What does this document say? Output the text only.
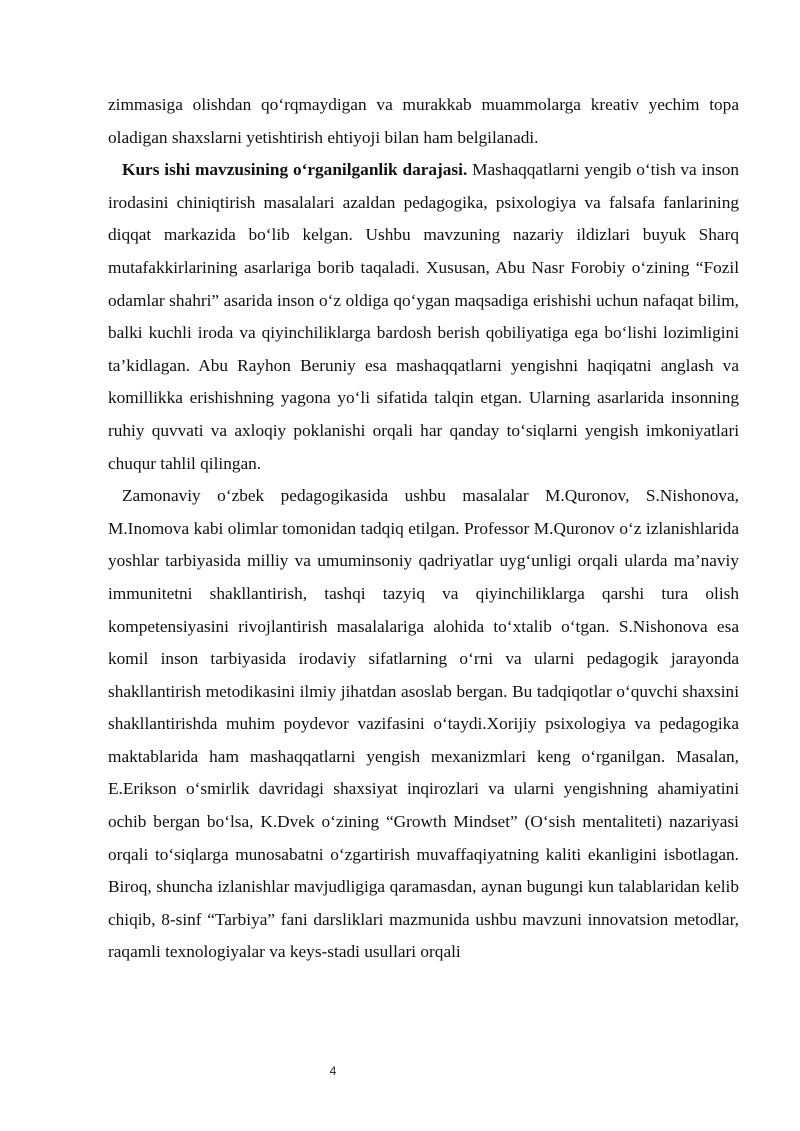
zimmasiga olishdan qo‘rqmaydigan va murakkab muammolarga kreativ yechim topa oladigan shaxslarni yetishtirish ehtiyoji bilan ham belgilanadi.

Kurs ishi mavzusining o‘rganilganlik darajasi. Mashaqqatlarni yengib o‘tish va inson irodasini chiniqtirish masalalari azaldan pedagogika, psixologiya va falsafa fanlarining diqqat markazida bo‘lib kelgan. Ushbu mavzuning nazariy ildizlari buyuk Sharq mutafakkirlarining asarlariga borib taqaladi. Xususan, Abu Nasr Forobiy o‘zining “Fozil odamlar shahri” asarida inson o‘z oldiga qo‘ygan maqsadiga erishishi uchun nafaqat bilim, balki kuchli iroda va qiyinchiliklarga bardosh berish qobiliyatiga ega bo‘lishi lozimligini ta’kidlagan. Abu Rayhon Beruniy esa mashaqqatlarni yengishni haqiqatni anglash va komillikka erishishning yagona yo‘li sifatida talqin etgan. Ularning asarlarida insonning ruhiy quvvati va axloqiy poklanishi orqali har qanday to‘siqlarni yengish imkoniyatlari chuqur tahlil qilingan.

Zamonaviy o‘zbek pedagogikasida ushbu masalalar M.Quronov, S.Nishonova, M.Inomova kabi olimlar tomonidan tadqiq etilgan. Professor M.Quronov o‘z izlanishlarida yoshlar tarbiyasida milliy va umuminsoniy qadriyatlar uyg‘unligi orqali ularda ma’naviy immunitetni shakllantirish, tashqi tazyiq va qiyinchiliklarga qarshi tura olish kompetensiyasini rivojlantirish masalalariga alohida to‘xtalib o‘tgan. S.Nishonova esa komil inson tarbiyasida irodaviy sifatlarning o‘rni va ularni pedagogik jarayonda shakllantirish metodikasini ilmiy jihatdan asoslab bergan. Bu tadqiqotlar o‘quvchi shaxsini shakllantirishda muhim poydevor vazifasini o‘taydi.Xorijiy psixologiya va pedagogika maktablarida ham mashaqqatlarni yengish mexanizmlari keng o‘rganilgan. Masalan, E.Erikson o‘smirlik davridagi shaxsiyat inqirozlari va ularni yengishning ahamiyatini ochib bergan bo‘lsa, K.Dvek o‘zining “Growth Mindset” (O‘sish mentaliteti) nazariyasi orqali to‘siqlarga munosabatni o‘zgartirish muvaffaqiyatning kaliti ekanligini isbotlagan. Biroq, shuncha izlanishlar mavjudligiga qaramasdan, aynan bugungi kun talablaridan kelib chiqib, 8-sinf “Tarbiya” fani darsliklari mazmunida ushbu mavzuni innovatsion metodlar, raqamli texnologiyalar va keys-stadi usullari orqali

4
